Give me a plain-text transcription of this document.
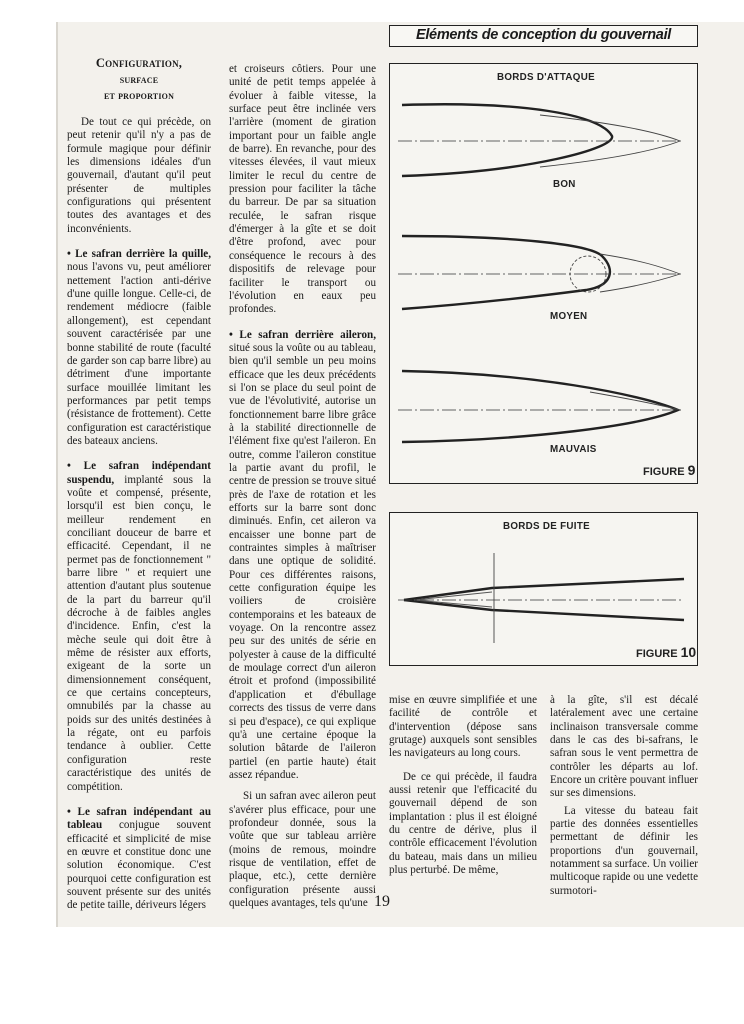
Eléments de conception du gouvernail

Configuration,
surface
et proportion

De tout ce qui précède, on peut retenir qu'il n'y a pas de formule magique pour définir les dimensions idéales d'un gouvernail, d'autant qu'il peut présenter de multiples configurations qui présentent toutes des avantages et des inconvénients.

• Le safran derrière la quille, nous l'avons vu, peut améliorer nettement l'action anti-dérive d'une quille longue. Celle-ci, de rendement médiocre (faible allongement), est cependant souvent caractérisée par une bonne stabilité de route (faculté de garder son cap barre libre) au détriment d'une importante surface mouillée limitant les performances par petit temps (résistance de frottement). Cette configuration est caractéristique des bateaux anciens.

• Le safran indépendant suspendu, implanté sous la voûte et compensé, présente, lorsqu'il est bien conçu, le meilleur rendement en conciliant douceur de barre et efficacité. Cependant, il ne permet pas de fonctionnement " barre libre " et requiert une attention d'autant plus soutenue de la part du barreur qu'il décroche à de faibles angles d'incidence. Enfin, c'est la mèche seule qui doit être à même de résister aux efforts, exigeant de la sorte un dimensionnement conséquent, ce que certains concepteurs, omnubilés par la chasse au poids sur des unités destinées à la régate, ont eu parfois tendance à oublier. Cette configuration reste caractéristique des unités de compétition.

• Le safran indépendant au tableau conjugue souvent efficacité et simplicité de mise en œuvre et constitue donc une solution économique. C'est pourquoi cette configuration est souvent présente sur des unités de petite taille, dériveurs légers

et croiseurs côtiers. Pour une unité de petit temps appelée à évoluer à faible vitesse, la surface peut être inclinée vers l'arrière (moment de giration important pour un faible angle de barre). En revanche, pour des vitesses élevées, il vaut mieux limiter le recul du centre de pression pour faciliter la tâche du barreur. De par sa situation reculée, le safran risque d'émerger à la gîte et se doit d'être profond, avec pour conséquence le recours à des dispositifs de relevage pour faciliter le transport ou l'évolution en eaux peu profondes.

• Le safran derrière aileron, situé sous la voûte ou au tableau, bien qu'il semble un peu moins efficace que les deux précédents si l'on se place du seul point de vue de l'évolutivité, autorise un fonctionnement barre libre grâce à la stabilité directionnelle de l'élément fixe qu'est l'aileron. En outre, comme l'aileron constitue la partie avant du profil, le centre de pression se trouve situé près de l'axe de rotation et les efforts sur la barre sont donc diminués. Enfin, cet aileron va encaisser une bonne part de contraintes simples à maîtriser dans une optique de solidité. Pour ces différentes raisons, cette configuration équipe les voiliers de croisière contemporains et les bateaux de voyage. On la rencontre assez peu sur des unités de série en polyester à cause de la difficulté de moulage correct d'un aileron étroit et profond (impossibilité d'application et d'ébullage corrects des tissus de verre dans si peu d'espace), ce qui explique qu'à une certaine époque la solution bâtarde de l'aileron partiel (en partie haute) était assez répandue.

Si un safran avec aileron peut s'avérer plus efficace, pour une profondeur donnée, sous la voûte que sur tableau arrière (moins de remous, moindre risque de ventilation, effet de plaque, etc.), cette dernière configuration présente aussi quelques avantages, tels qu'une

BORDS D'ATTAQUE
BON
MOYEN
MAUVAIS
FIGURE 9
BORDS DE FUITE
FIGURE 10

mise en œuvre simplifiée et une facilité de contrôle et d'intervention (dépose sans grutage) auxquels sont sensibles les navigateurs au long cours.

De ce qui précède, il faudra aussi retenir que l'efficacité du gouvernail dépend de son implantation : plus il est éloigné du centre de dérive, plus il contrôle efficacement l'évolution du bateau, mais dans un milieu plus perturbé. De même,

à la gîte, s'il est décalé latéralement avec une certaine inclinaison transversale comme dans le cas des bi-safrans, le safran sous le vent permettra de contrôler les départs au lof. Encore un critère pouvant influer sur ses dimensions.

La vitesse du bateau fait partie des données essentielles permettant de définir les proportions d'un gouvernail, notamment sa surface. Un voilier multicoque rapide ou une vedette surmotori-

19
